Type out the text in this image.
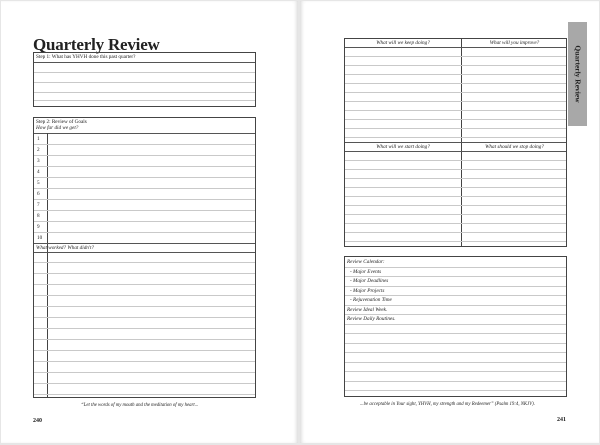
Quarterly Review
Step 1: What has YHVH done this past quarter?
Step 2: Review of Goals
How far did we get?
1
2
3
4
5
6
7
8
9
10
What worked? What didn't?
“Let the words of my mouth and the meditation of my heart...
240
What will we keep doing?	What will you improve?
What will we start doing?	What should we stop doing?
Review Calendar:
- Major Events
- Major Deadlines
- Major Projects
- Rejuvenation Time
Review Ideal Week.
Review Daily Routines.
...be acceptable in Your sight, YHVH, my strength and my Redeemer” (Psalm 19:4, NKJV).
241
Quarterly Review
